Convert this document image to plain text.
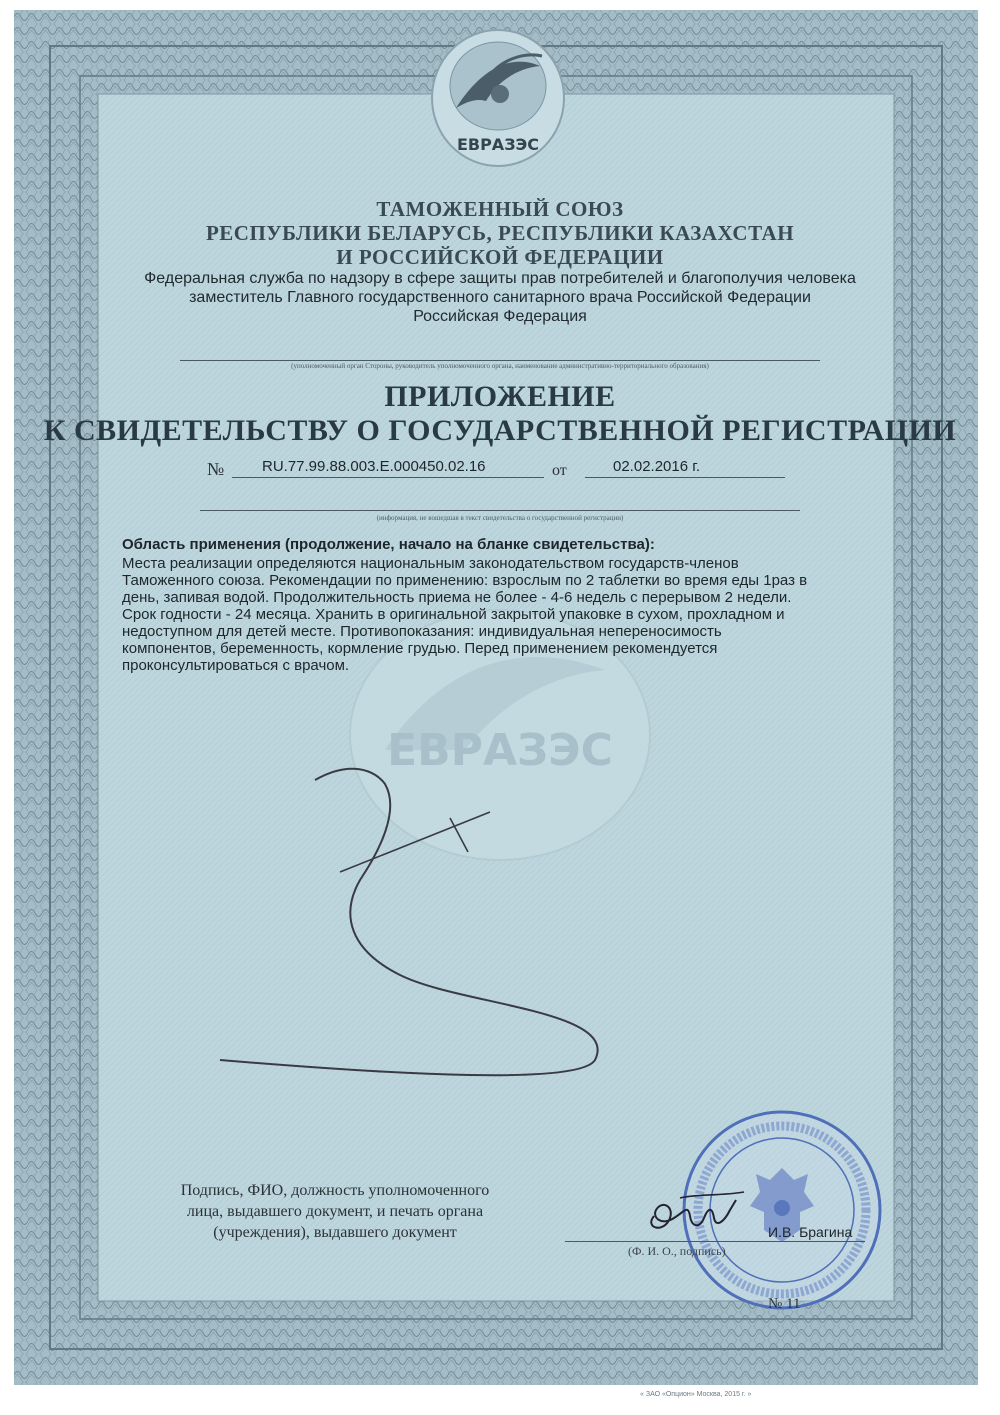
ЕВРАЗЭС
ЕВРАЗЭС
ТАМОЖЕННЫЙ СОЮЗ
РЕСПУБЛИКИ БЕЛАРУСЬ, РЕСПУБЛИКИ КАЗАХСТАН
И РОССИЙСКОЙ ФЕДЕРАЦИИ
Федеральная служба по надзору в сфере защиты прав потребителей и благополучия человека
заместитель Главного государственного санитарного врача Российской Федерации
Российская Федерация
(уполномоченный орган Стороны, руководитель уполномоченного органа, наименование административно-территориального образования)
ПРИЛОЖЕНИЕ
К СВИДЕТЕЛЬСТВУ О ГОСУДАРСТВЕННОЙ РЕГИСТРАЦИИ
№	RU.77.99.88.003.Е.000450.02.16	от	02.02.2016 г.
(информация, не вошедшая в текст свидетельства о государственной регистрации)
Область применения (продолжение, начало на бланке свидетельства):
Места реализации определяются национальным законодательством государств-членов
Таможенного союза. Рекомендации по применению: взрослым по 2 таблетки во время еды 1раз в
день, запивая водой. Продолжительность приема не более - 4-6 недель с перерывом 2 недели.
Срок годности - 24 месяца. Хранить в оригинальной закрытой упаковке в сухом, прохладном и
недоступном для детей месте. Противопоказания: индивидуальная непереносимость
компонентов, беременность, кормление грудью. Перед применением рекомендуется
проконсультироваться с врачом.
Подпись, ФИО, должность уполномоченного
лица, выдавшего документ, и печать органа
(учреждения), выдавшего документ	И.В. Брагина
(Ф. И. О., подпись)
№ 11
« ЗАО «Опцион» Москва, 2015 г. »
